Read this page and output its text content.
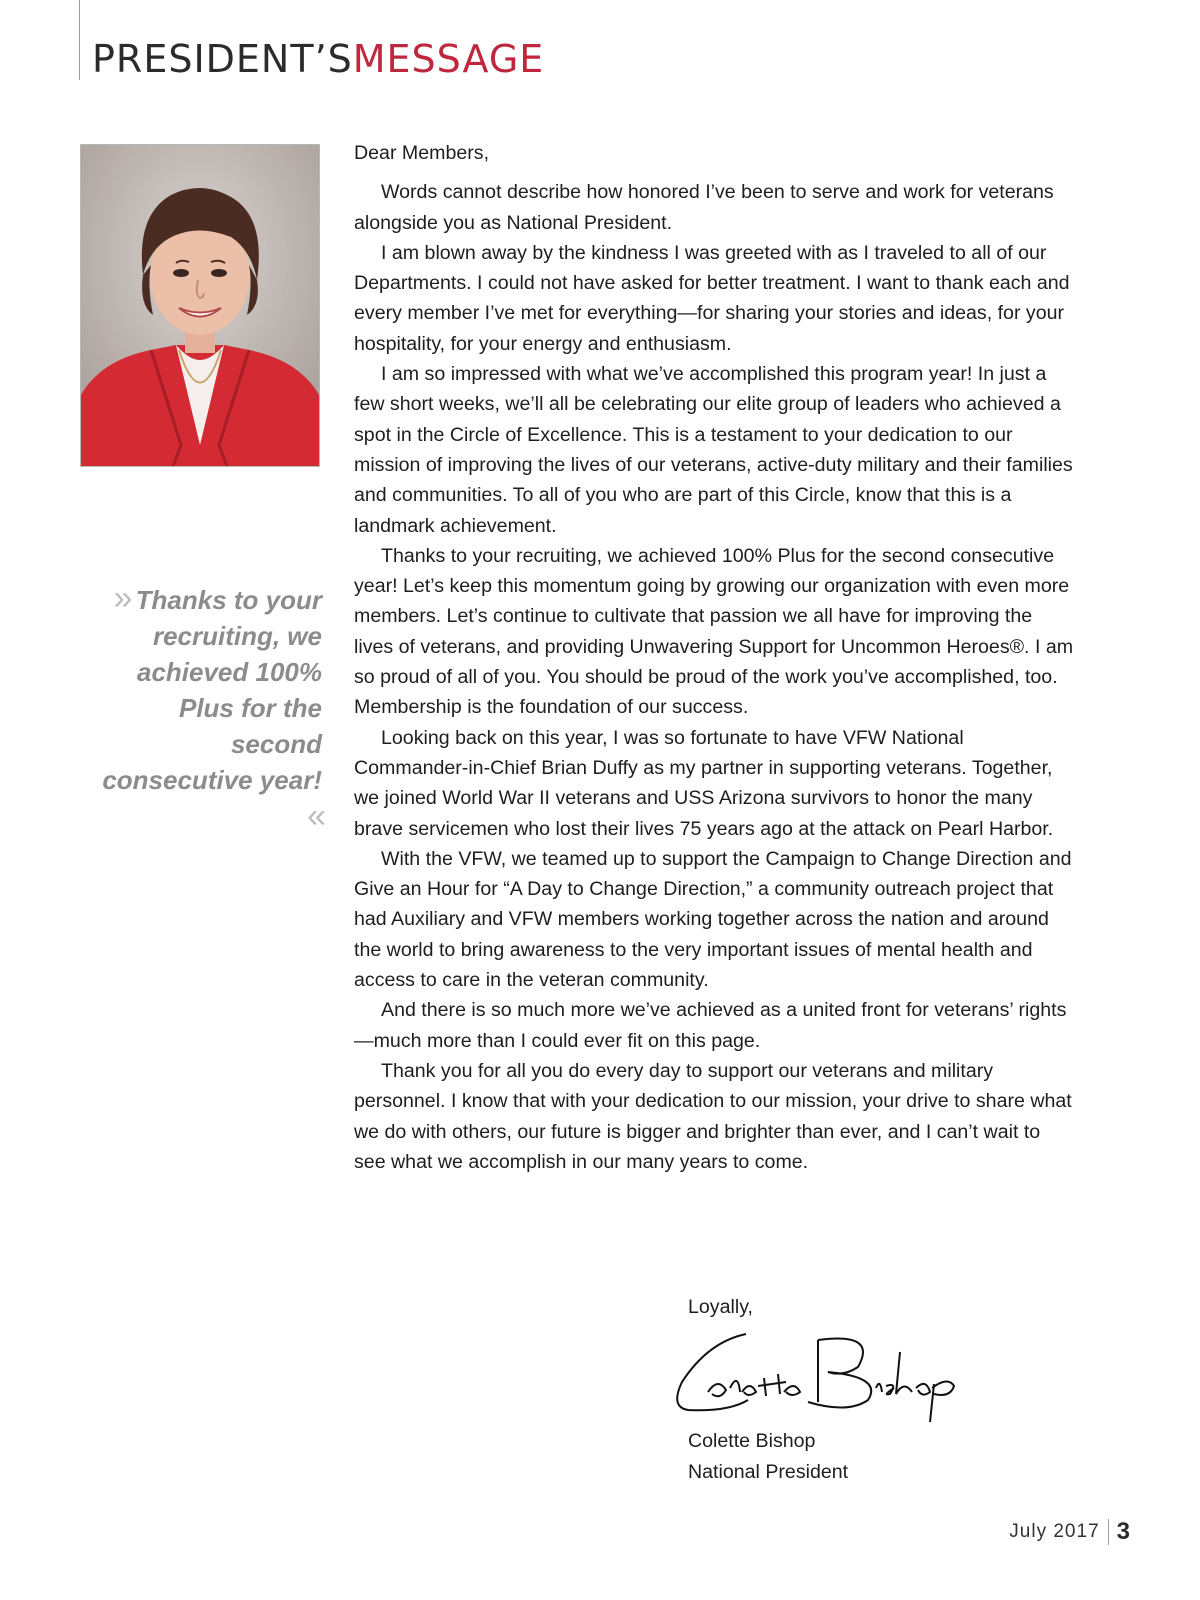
PRESIDENT’SMESSAGE

» Thanks to your recruiting, we achieved 100% Plus for the second consecutive year! «

Dear Members,

Words cannot describe how honored I’ve been to serve and work for veterans alongside you as National President.

I am blown away by the kindness I was greeted with as I traveled to all of our Departments. I could not have asked for better treatment. I want to thank each and every member I’ve met for everything—for sharing your stories and ideas, for your hospitality, for your energy and enthusiasm.

I am so impressed with what we’ve accomplished this program year! In just a few short weeks, we’ll all be celebrating our elite group of leaders who achieved a spot in the Circle of Excellence. This is a testament to your dedication to our mission of improving the lives of our veterans, active-duty military and their families and communities. To all of you who are part of this Circle, know that this is a landmark achievement.

Thanks to your recruiting, we achieved 100% Plus for the second consecutive year! Let’s keep this momentum going by growing our organization with even more members. Let’s continue to cultivate that passion we all have for improving the lives of veterans, and providing Unwavering Support for Uncommon Heroes®. I am so proud of all of you. You should be proud of the work you’ve accomplished, too. Membership is the foundation of our success.

Looking back on this year, I was so fortunate to have VFW National Commander-in-Chief Brian Duffy as my partner in supporting veterans. Together, we joined World War II veterans and USS Arizona survivors to honor the many brave servicemen who lost their lives 75 years ago at the attack on Pearl Harbor.

With the VFW, we teamed up to support the Campaign to Change Direction and Give an Hour for “A Day to Change Direction,” a community outreach project that had Auxiliary and VFW members working together across the nation and around the world to bring awareness to the very important issues of mental health and access to care in the veteran community.

And there is so much more we’ve achieved as a united front for veterans’ rights—much more than I could ever fit on this page.

Thank you for all you do every day to support our veterans and military personnel. I know that with your dedication to our mission, your drive to share what we do with others, our future is bigger and brighter than ever, and I can’t wait to see what we accomplish in our many years to come.

Loyally,
Colette Bishop
National President
July 2017 3
